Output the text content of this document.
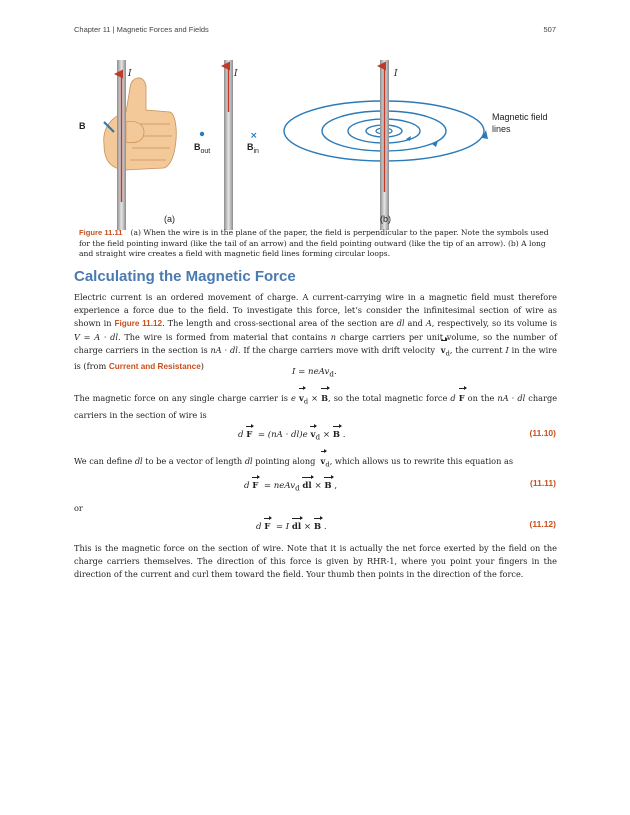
Chapter 11 | Magnetic Forces and Fields	507
I
B
$B_{out}$
I
×
$B_{in}$
I
Magnetic field
lines
(a)	(b)
Figure 11.11 (a) When the wire is in the plane of the paper, the field is perpendicular to the paper. Note the symbols used for the field pointing inward (like the tail of an arrow) and the field pointing outward (like the tip of an arrow). (b) A long and straight wire creates a field with magnetic field lines forming circular loops.
Calculating the Magnetic Force
Electric current is an ordered movement of charge. A current-carrying wire in a magnetic field must therefore experience a force due to the field. To investigate this force, let’s consider the infinitesimal section of wire as shown in Figure 11.12. The length and cross-sectional area of the section are dl and A, respectively, so its volume is V = A · dl. The wire is formed from material that contains n charge carriers per unit volume, so the number of charge carriers in the section is nA · dl. If the charge carriers move with drift velocity $v_d$, the current I in the wire is (from Current and Resistance)
I = neAv$_d$.
The magnetic force on any single charge carrier is e $v_d \times B$, so the total magnetic force d F on the nA · dl charge carriers in the section of wire is
d F = (nA · dl)e $v_d \times B$ .	(11.10)
We can define dl to be a vector of length dl pointing along $v_d$, which allows us to rewrite this equation as
d F = neAv$_d$ dl × B ,	(11.11)
or
d F = I dl × B .	(11.12)
This is the magnetic force on the section of wire. Note that it is actually the net force exerted by the field on the charge carriers themselves. The direction of this force is given by RHR-1, where you point your fingers in the direction of the current and curl them toward the field. Your thumb then points in the direction of the force.
